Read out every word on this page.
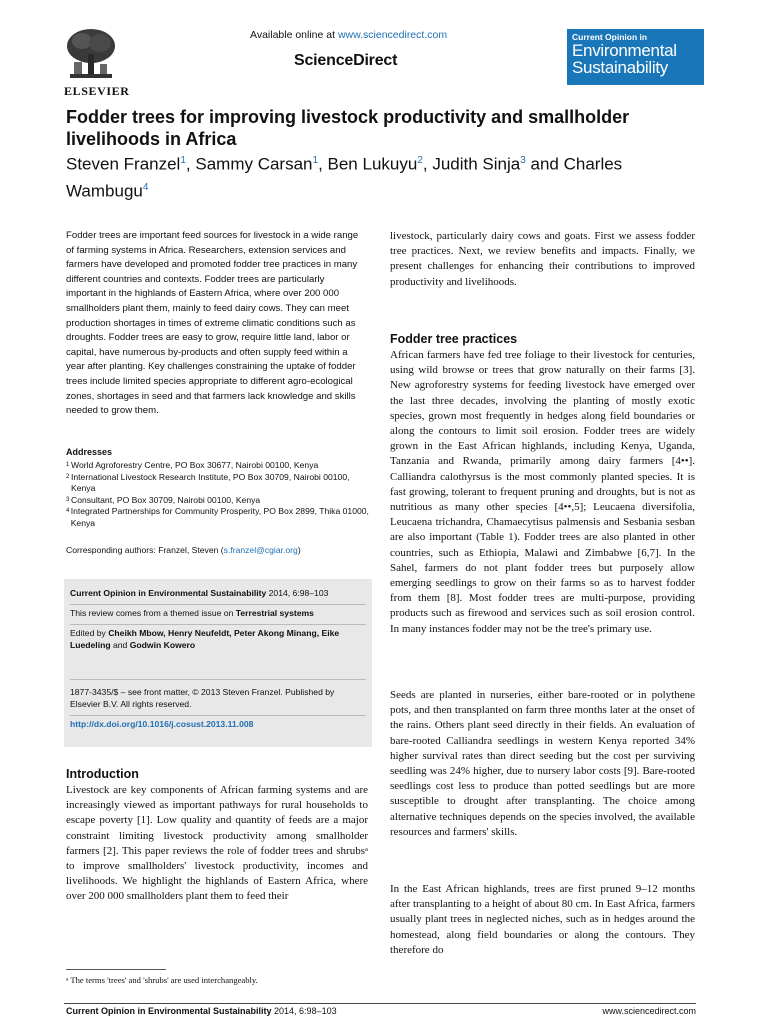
ELSEVIER
Available online at www.sciencedirect.com
ScienceDirect
Current Opinion in
Environmental
Sustainability
Fodder trees for improving livestock productivity and smallholder livelihoods in Africa
Steven Franzel$^1$, Sammy Carsan$^1$, Ben Lukuyu$^2$, Judith Sinja$^3$ and Charles Wambugu$^4$
Fodder trees are important feed sources for livestock in a wide range of farming systems in Africa. Researchers, extension services and farmers have developed and promoted fodder tree practices in many different countries and contexts. Fodder trees are particularly important in the highlands of Eastern Africa, where over 200 000 smallholders plant them, mainly to feed dairy cows. They can meet production shortages in times of extreme climatic conditions such as droughts. Fodder trees are easy to grow, require little land, labor or capital, have numerous by-products and often supply feed within a year after planting. Key challenges constraining the uptake of fodder trees include limited species appropriate to different agro-ecological zones, shortages in seed and that farmers lack knowledge and skills needed to grow them.
Addresses
1 World Agroforestry Centre, PO Box 30677, Nairobi 00100, Kenya
2 International Livestock Research Institute, PO Box 30709, Nairobi 00100, Kenya
3 Consultant, PO Box 30709, Nairobi 00100, Kenya
4 Integrated Partnerships for Community Prosperity, PO Box 2899, Thika 01000, Kenya
Corresponding authors: Franzel, Steven (s.franzel@cgiar.org)
Current Opinion in Environmental Sustainability 2014, 6:98–103
This review comes from a themed issue on Terrestrial systems
Edited by Cheikh Mbow, Henry Neufeldt, Peter Akong Minang, Eike Luedeling and Godwin Kowero
1877-3435/$ – see front matter, © 2013 Steven Franzel. Published by Elsevier B.V. All rights reserved.
http://dx.doi.org/10.1016/j.cosust.2013.11.008
Introduction
Livestock are key components of African farming systems and are increasingly viewed as important pathways for rural households to escape poverty [1]. Low quality and quantity of feeds are a major constraint limiting livestock productivity among smallholder farmers [2]. This paper reviews the role of fodder trees and shrubsᵃ to improve smallholders' livestock productivity, incomes and livelihoods. We highlight the highlands of Eastern Africa, where over 200 000 smallholders plant them to feed their
ᵃ The terms 'trees' and 'shrubs' are used interchangeably.
livestock, particularly dairy cows and goats. First we assess fodder tree practices. Next, we review benefits and impacts. Finally, we present challenges for enhancing their contributions to improved productivity and livelihoods.
Fodder tree practices
African farmers have fed tree foliage to their livestock for centuries, using wild browse or trees that grow naturally on their farms [3]. New agroforestry systems for feeding livestock have emerged over the last three decades, involving the planting of mostly exotic species, grown most frequently in hedges along field boundaries or along the contours to limit soil erosion. Fodder trees are widely grown in the East African highlands, including Kenya, Uganda, Tanzania and Rwanda, primarily among dairy farmers [4••]. Calliandra calothyrsus is the most commonly planted species. It is fast growing, tolerant to frequent pruning and droughts, but is not as nutritious as many other species [4••,5]; Leucaena diversifolia, Leucaena trichandra, Chamaecytisus palmensis and Sesbania sesban are also important (Table 1). Fodder trees are also planted in other countries, such as Ethiopia, Malawi and Zimbabwe [6,7]. In the Sahel, farmers do not plant fodder trees but purposely allow emerging seedlings to grow on their farms so as to harvest fodder from them [8]. Most fodder trees are multi-purpose, providing products such as firewood and services such as soil erosion control. In many instances fodder may not be the tree's primary use.
Seeds are planted in nurseries, either bare-rooted or in polythene pots, and then transplanted on farm three months later at the onset of the rains. Others plant seed directly in their fields. An evaluation of bare-rooted Calliandra seedlings in western Kenya reported 34% higher survival rates than direct seeding but the cost per surviving seedling was 24% higher, due to nursery labor costs [9]. Bare-rooted seedlings cost less to produce than potted seedlings but are more susceptible to drought after transplanting. The choice among alternative techniques depends on the species involved, the available resources and farmers' skills.
In the East African highlands, trees are first pruned 9–12 months after transplanting to a height of about 80 cm. In East Africa, farmers usually plant trees in neglected niches, such as in hedges around the homestead, along field boundaries or along the contours. They therefore do
Current Opinion in Environmental Sustainability 2014, 6:98–103	www.sciencedirect.com
